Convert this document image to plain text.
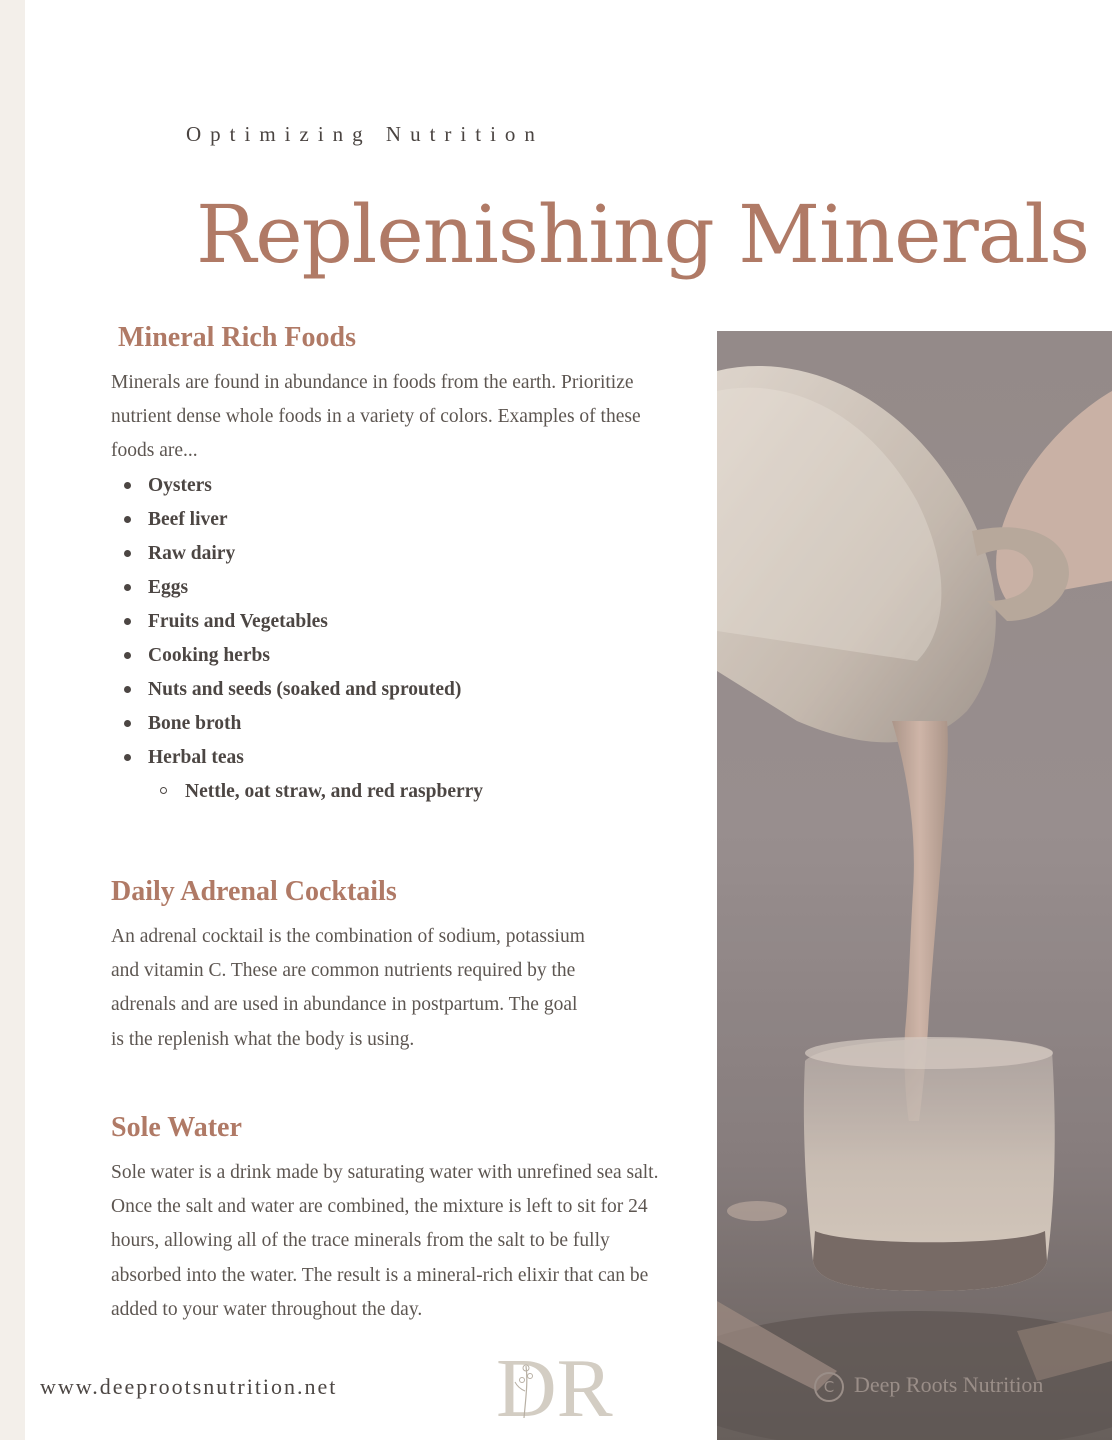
Optimizing Nutrition
Replenishing Minerals
Mineral Rich Foods

Minerals are found in abundance in foods from the earth. Prioritize nutrient dense whole foods in a variety of colors. Examples of these foods are...

Oysters
Beef liver
Raw dairy
Eggs
Fruits and Vegetables
Cooking herbs
Nuts and seeds (soaked and sprouted)
Bone broth
Herbal teas
Nettle, oat straw, and red raspberry
Daily Adrenal Cocktails

An adrenal cocktail is the combination of sodium, potassium and vitamin C. These are common nutrients required by the adrenals and are used in abundance in postpartum. The goal is the replenish what the body is using.

Sole Water

Sole water is a drink made by saturating water with unrefined sea salt. Once the salt and water are combined, the mixture is left to sit for 24 hours, allowing all of the trace minerals from the salt to be fully absorbed into the water. The result is a mineral-rich elixir that can be added to your water throughout the day.

www.deeprootsnutrition.net DR	C Deep Roots Nutrition
